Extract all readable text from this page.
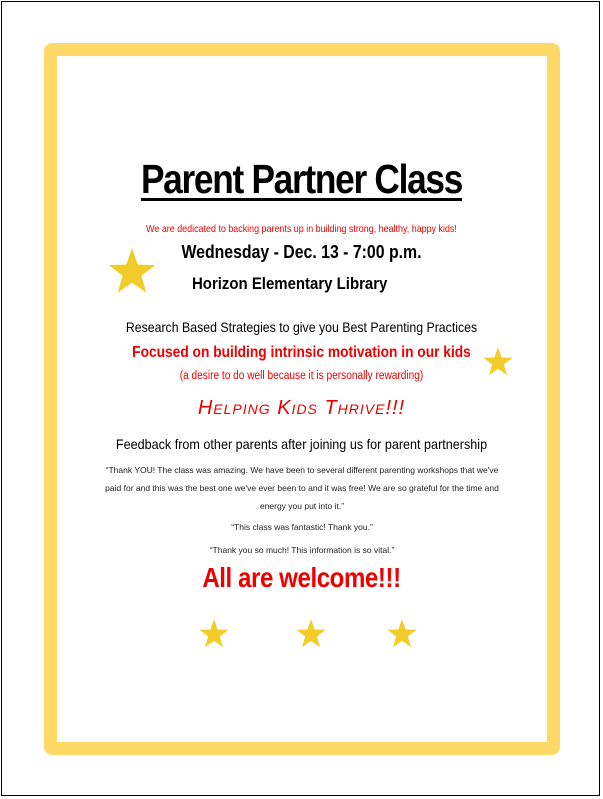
Parent Partner Class

We are dedicated to backing parents up in building strong, healthy, happy kids!

Wednesday - Dec. 13 - 7:00 p.m.

Horizon Elementary Library

Research Based Strategies to give you Best Parenting Practices

Focused on building intrinsic motivation in our kids

(a desire to do well because it is personally rewarding)

Helping Kids Thrive!!!

Feedback from other parents after joining us for parent partnership

“Thank YOU! The class was amazing. We have been to several different parenting workshops that we've paid for and this was the best one we've ever been to and it was free! We are so grateful for the time and energy you put into it.”

“This class was fantastic! Thank you.”

“Thank you so much! This information is so vital.”

All are welcome!!!
